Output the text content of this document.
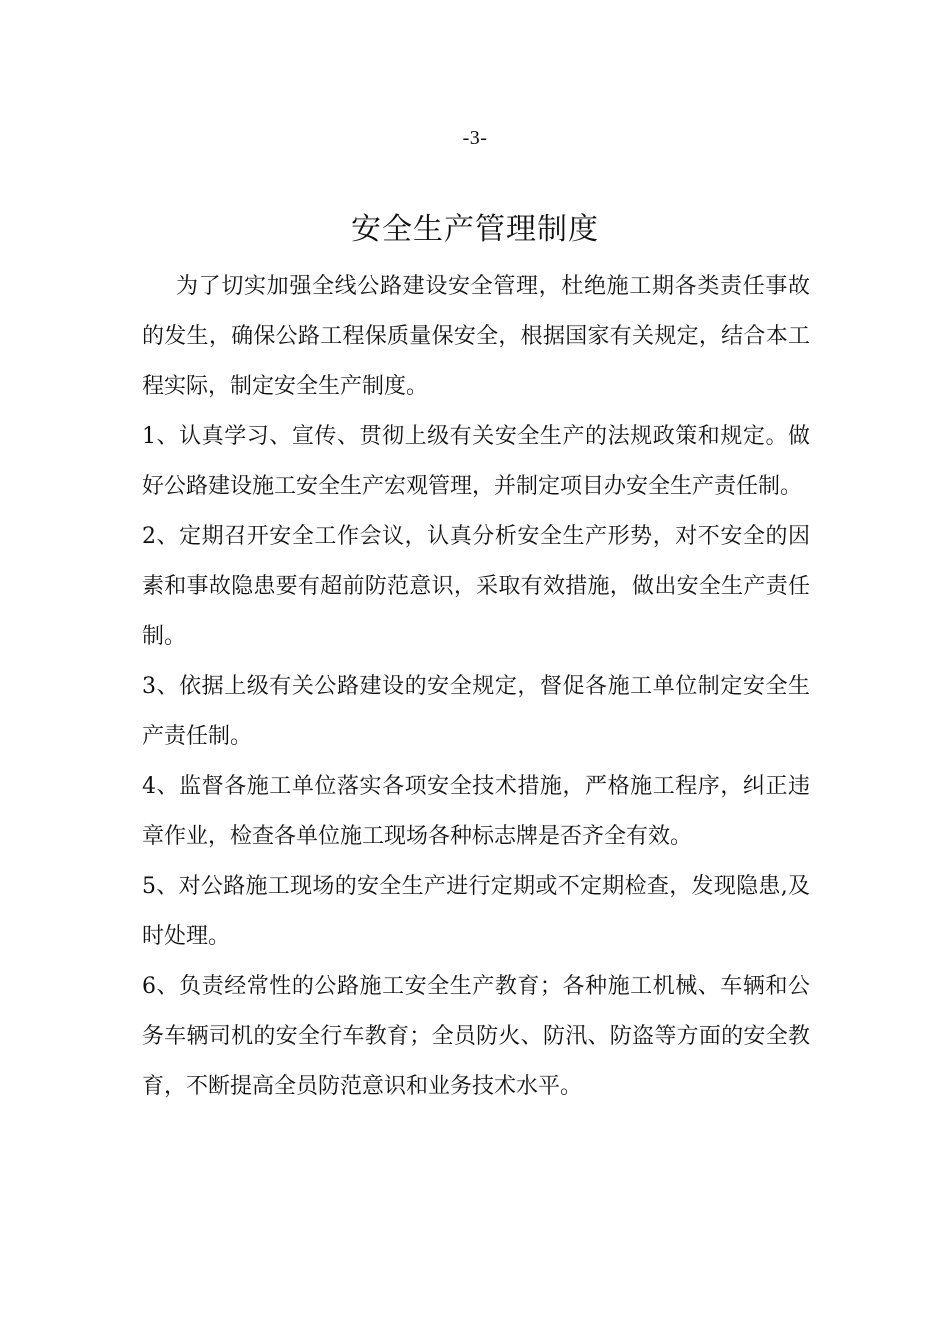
-3-
安全生产管理制度

为了切实加强全线公路建设安全管理，杜绝施工期各类责任事故的发生，确保公路工程保质量保安全，根据国家有关规定，结合本工程实际，制定安全生产制度。

1、认真学习、宣传、贯彻上级有关安全生产的法规政策和规定。做好公路建设施工安全生产宏观管理，并制定项目办安全生产责任制。

2、定期召开安全工作会议，认真分析安全生产形势，对不安全的因素和事故隐患要有超前防范意识，采取有效措施，做出安全生产责任制。

3、依据上级有关公路建设的安全规定，督促各施工单位制定安全生产责任制。

4、监督各施工单位落实各项安全技术措施，严格施工程序，纠正违章作业，检查各单位施工现场各种标志牌是否齐全有效。

5、对公路施工现场的安全生产进行定期或不定期检查，发现隐患,及时处理。

6、负责经常性的公路施工安全生产教育；各种施工机械、车辆和公务车辆司机的安全行车教育；全员防火、防汛、防盗等方面的安全教育，不断提高全员防范意识和业务技术水平。
